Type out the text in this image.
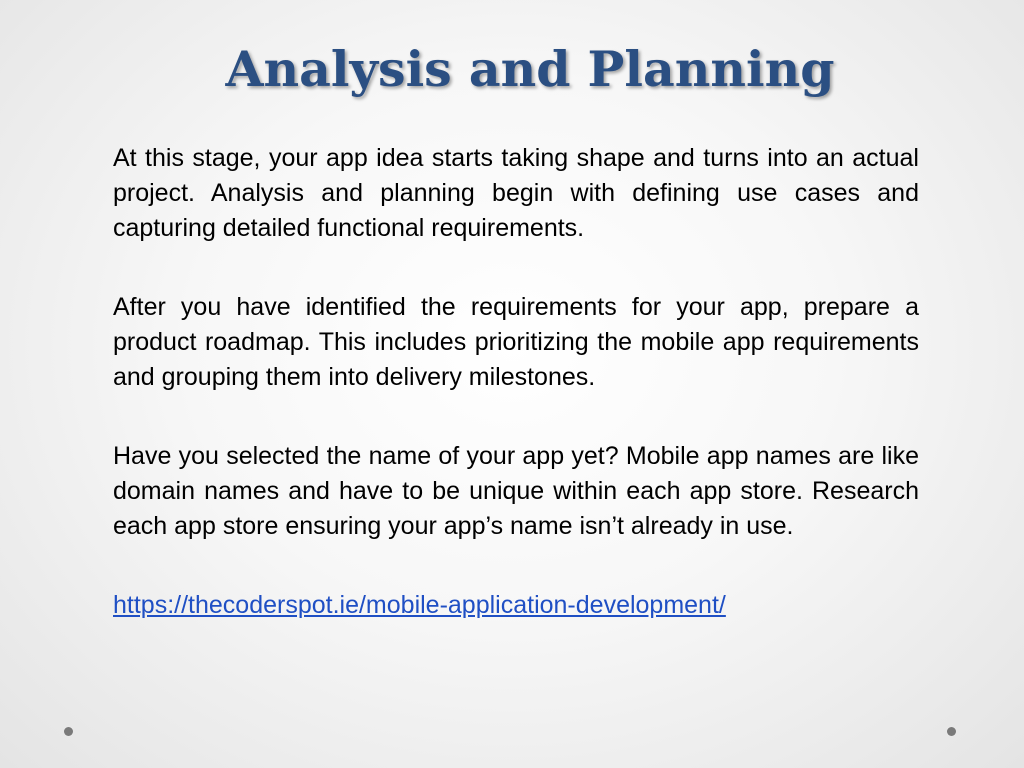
Analysis and Planning

At this stage, your app idea starts taking shape and turns into an actual project. Analysis and planning begin with defining use cases and capturing detailed functional requirements.

After you have identified the requirements for your app, prepare a product roadmap. This includes prioritizing the mobile app requirements and grouping them into delivery milestones.

Have you selected the name of your app yet? Mobile app names are like domain names and have to be unique within each app store. Research each app store ensuring your app’s name isn’t already in use.

https://thecoderspot.ie/mobile-application-development/
